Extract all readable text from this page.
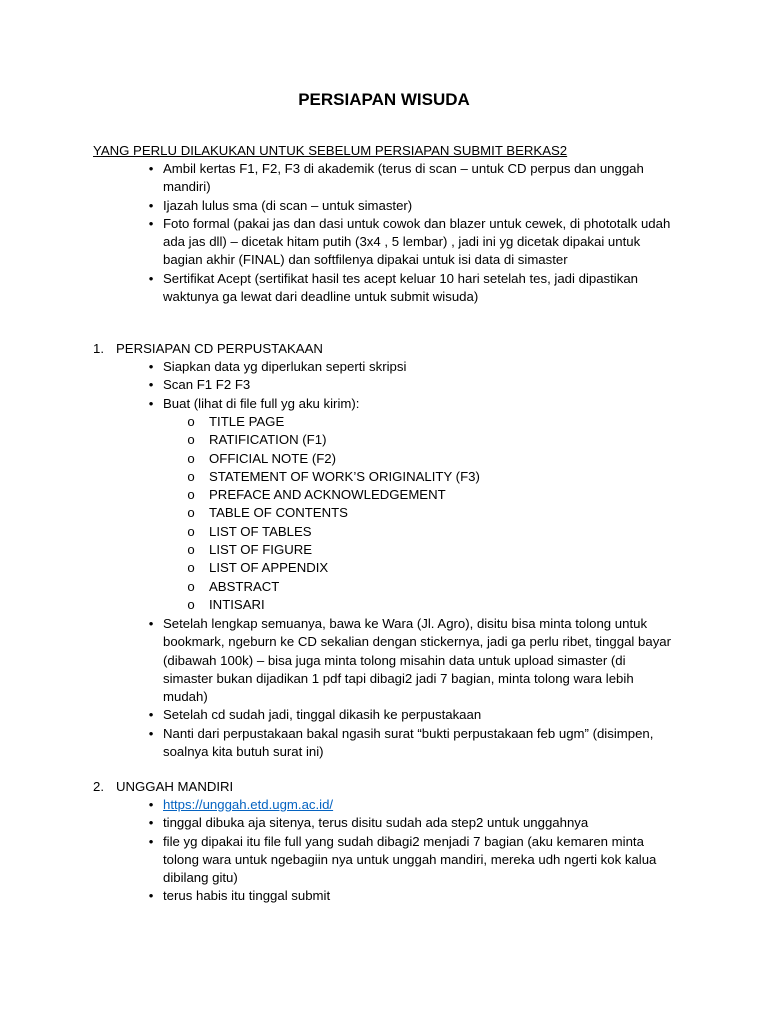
PERSIAPAN WISUDA
YANG PERLU DILAKUKAN UNTUK SEBELUM PERSIAPAN SUBMIT BERKAS2
• Ambil kertas F1, F2, F3 di akademik (terus di scan – untuk CD perpus dan unggah mandiri)
• Ijazah lulus sma (di scan – untuk simaster)
• Foto formal (pakai jas dan dasi untuk cowok dan blazer untuk cewek, di phototalk udah ada jas dll) – dicetak hitam putih (3x4 , 5 lembar) , jadi ini yg dicetak dipakai untuk bagian akhir (FINAL) dan softfilenya dipakai untuk isi data di simaster
• Sertifikat Acept (sertifikat hasil tes acept keluar 10 hari setelah tes, jadi dipastikan waktunya ga lewat dari deadline untuk submit wisuda)
1. PERSIAPAN CD PERPUSTAKAAN
• Siapkan data yg diperlukan seperti skripsi
• Scan F1 F2 F3
• Buat (lihat di file full yg aku kirim):
o TITLE PAGE
o RATIFICATION (F1)
o OFFICIAL NOTE (F2)
o STATEMENT OF WORK’S ORIGINALITY (F3)
o PREFACE AND ACKNOWLEDGEMENT
o TABLE OF CONTENTS
o LIST OF TABLES
o LIST OF FIGURE
o LIST OF APPENDIX
o ABSTRACT
o INTISARI
• Setelah lengkap semuanya, bawa ke Wara (Jl. Agro), disitu bisa minta tolong untuk bookmark, ngeburn ke CD sekalian dengan stickernya, jadi ga perlu ribet, tinggal bayar (dibawah 100k) – bisa juga minta tolong misahin data untuk upload simaster (di simaster bukan dijadikan 1 pdf tapi dibagi2 jadi 7 bagian, minta tolong wara lebih mudah)
• Setelah cd sudah jadi, tinggal dikasih ke perpustakaan
• Nanti dari perpustakaan bakal ngasih surat “bukti perpustakaan feb ugm” (disimpen, soalnya kita butuh surat ini)
2. UNGGAH MANDIRI
• https://unggah.etd.ugm.ac.id/
• tinggal dibuka aja sitenya, terus disitu sudah ada step2 untuk unggahnya
• file yg dipakai itu file full yang sudah dibagi2 menjadi 7 bagian (aku kemaren minta tolong wara untuk ngebagiin nya untuk unggah mandiri, mereka udh ngerti kok kalua dibilang gitu)
• terus habis itu tinggal submit
